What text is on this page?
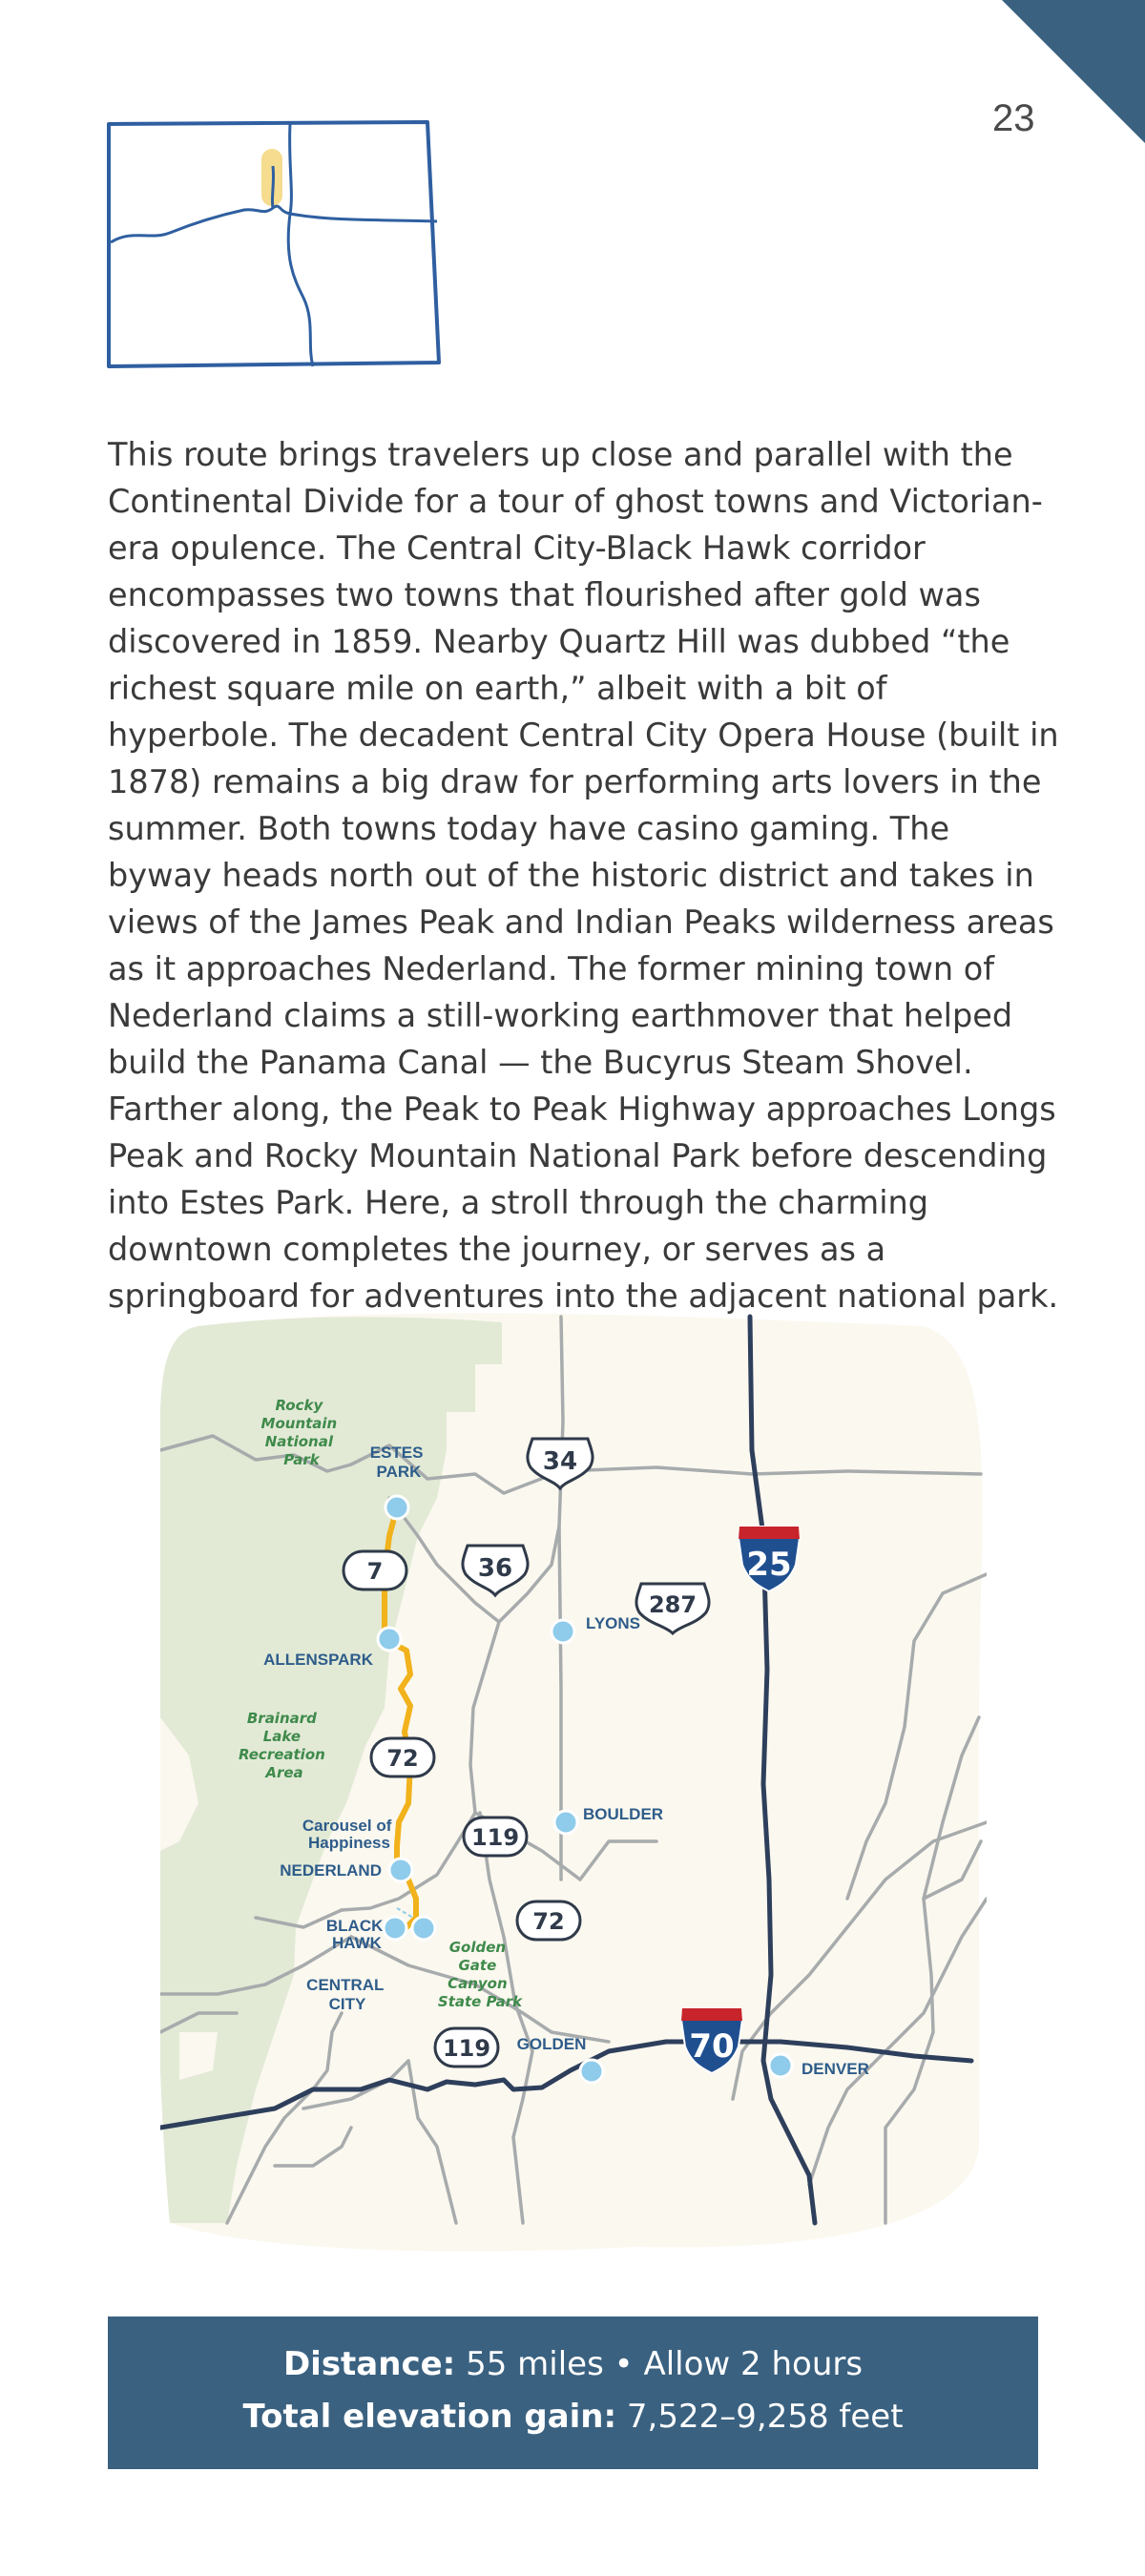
23

This route brings travelers up close and parallel with the Continental Divide for a tour of ghost towns and Victorian-era opulence. The Central City-Black Hawk corridor encompasses two towns that flourished after gold was discovered in 1859. Nearby Quartz Hill was dubbed “the richest square mile on earth,” albeit with a bit of hyperbole. The decadent Central City Opera House (built in 1878) remains a big draw for performing arts lovers in the summer. Both towns today have casino gaming. The byway heads north out of the historic district and takes in views of the James Peak and Indian Peaks wilderness areas as it approaches Nederland. The former mining town of Nederland claims a still-working earthmover that helped build the Panama Canal — the Bucyrus Steam Shovel. Farther along, the Peak to Peak Highway approaches Longs Peak and Rocky Mountain National Park before descending into Estes Park. Here, a stroll through the charming downtown completes the journey, or serves as a springboard for adventures into the adjacent national park.

34
36
287
7
72
119
72
119
25
70
Rocky Mountain National Park
Brainard Lake Recreation Area
Golden Gate Canyon State Park
ESTES PARK
ALLENSPARK
LYONS
BOULDER
NEDERLAND
BLACK HAWK
CENTRAL CITY
Carousel of Happiness
GOLDEN
DENVER
Distance: 55 miles • Allow 2 hours
Total elevation gain: 7,522–9,258 feet
